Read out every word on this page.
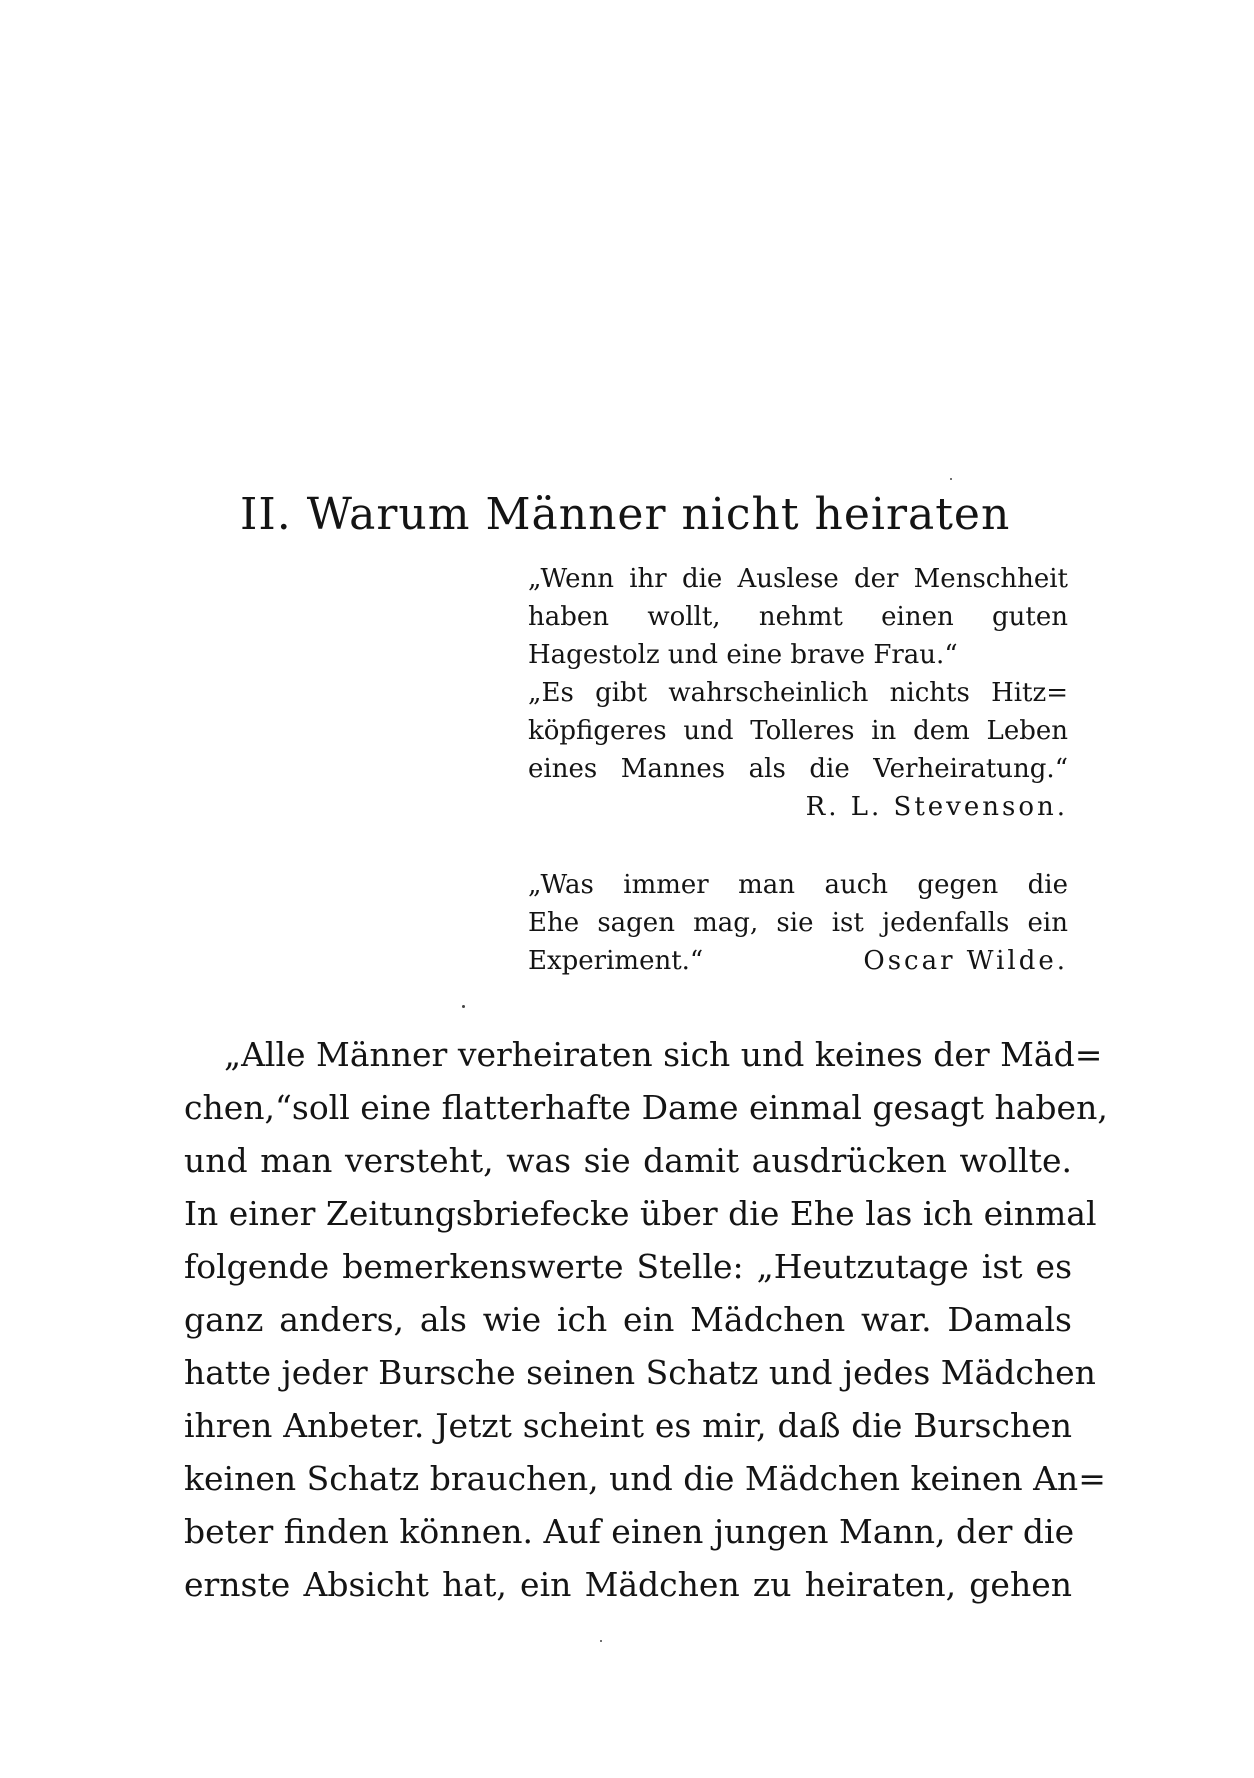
II. Warum Männer nicht heiraten
„Wenn ihr die Auslese der Menschheit
haben wollt, nehmt einen guten
Hagestolz und eine brave Frau.“
„Es gibt wahrscheinlich nichts Hitz=
köpfigeres und Tolleres in dem Leben
eines Mannes als die Verheiratung.“
R. L. Stevenson.
„Was immer man auch gegen die
Ehe sagen mag, sie ist jedenfalls ein
Experiment.“	Oscar Wilde.
„Alle Männer verheiraten sich und keines der Mäd=
chen,“soll eine flatterhafte Dame einmal gesagt haben,
und man versteht, was sie damit ausdrücken wollte.
In einer Zeitungsbriefecke über die Ehe las ich einmal
folgende bemerkenswerte Stelle: „Heutzutage ist es
ganz anders, als wie ich ein Mädchen war. Damals
hatte jeder Bursche seinen Schatz und jedes Mädchen
ihren Anbeter. Jetzt scheint es mir, daß die Burschen
keinen Schatz brauchen, und die Mädchen keinen An=
beter finden können. Auf einen jungen Mann, der die
ernste Absicht hat, ein Mädchen zu heiraten, gehen
